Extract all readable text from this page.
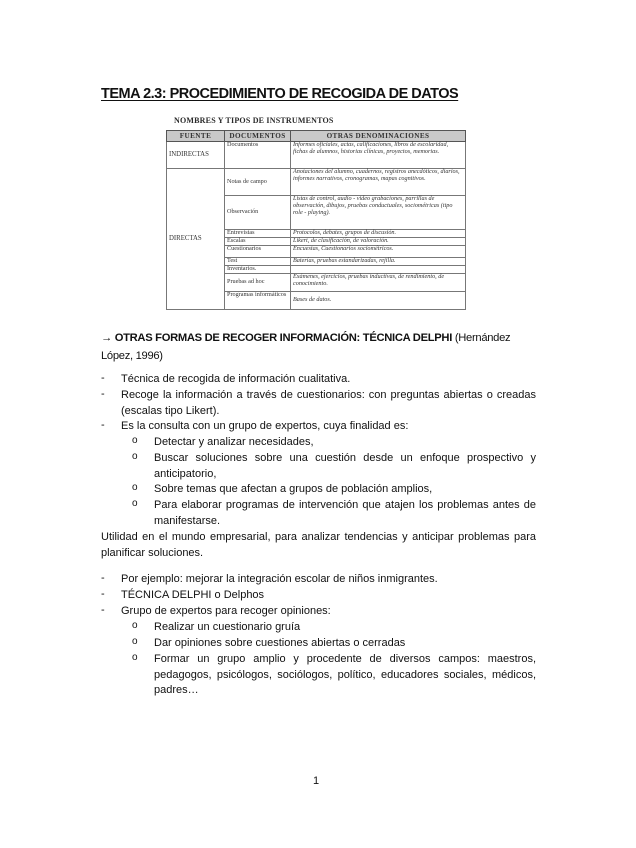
TEMA 2.3: PROCEDIMIENTO DE RECOGIDA DE DATOS
NOMBRES Y TIPOS DE INSTRUMENTOS
FUENTE	DOCUMENTOS	OTRAS DENOMINACIONES
INDIRECTAS	Documentos	Informes oficiales, actas, calificaciones, libros de escolaridad, fichas de alumnos, historias clínicas, proyectos, memorias.
DIRECTAS	Notas de campo	Anotaciones del alumno, cuadernos, registros anecdóticos, diarios, informes narrativos, cronogramas, mapas cognitivos.
	Observación	Listas de control, audio - video grabaciones, parrillas de observación, dibujos, pruebas conductuales, sociométricas (tipo role - playing).
	Entrevistas	Protocolos, debates, grupos de discusión.
	Escalas	Likert, de clasificación, de valoración.
	Cuestionarios	Encuestas, Cuestionarios sociométricos.
	Test	Baterías, pruebas estandarizadas, rejilla.
	Inventarios.	
	Pruebas ad hoc	Exámenes, ejercicios, pruebas inductivas, de rendimiento, de conocimiento.
	Programas informáticos	Bases de datos.
→ OTRAS FORMAS DE RECOGER INFORMACIÓN: TÉCNICA DELPHI (Hernández López, 1996)
- Técnica de recogida de información cualitativa.
- Recoge la información a través de cuestionarios: con preguntas abiertas o creadas (escalas tipo Likert).
- Es la consulta con un grupo de expertos, cuya finalidad es:
o Detectar y analizar necesidades,
o Buscar soluciones sobre una cuestión desde un enfoque prospectivo y anticipatorio,
o Sobre temas que afectan a grupos de población amplios,
o Para elaborar programas de intervención que atajen los problemas antes de manifestarse.
Utilidad en el mundo empresarial, para analizar tendencias y anticipar problemas para planificar soluciones.
- Por ejemplo: mejorar la integración escolar de niños inmigrantes.
- TÉCNICA DELPHI o Delphos
- Grupo de expertos para recoger opiniones:
o Realizar un cuestionario gruía
o Dar opiniones sobre cuestiones abiertas o cerradas
o Formar un grupo amplio y procedente de diversos campos: maestros, pedagogos, psicólogos, sociólogos, político, educadores sociales, médicos, padres…
1
